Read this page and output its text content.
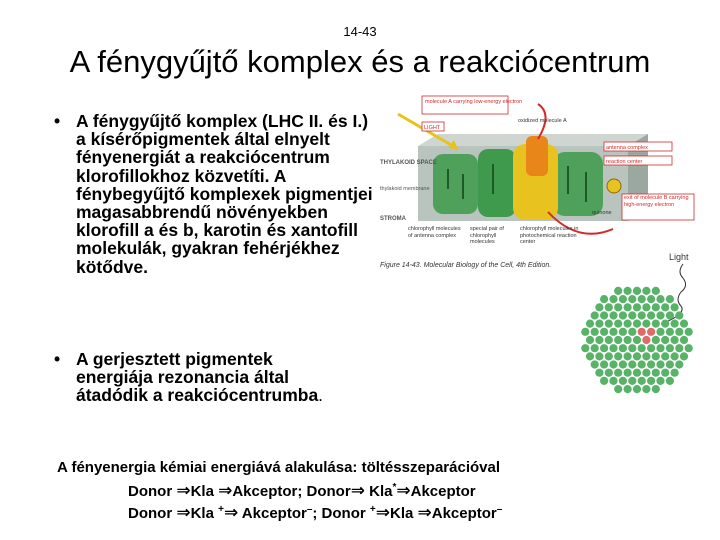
14-43
A fénygyűjtő komplex és a reakciócentrum
• A fénygyűjtő komplex (LHC II. és I.) a kísérőpigmentek által elnyelt fényenergiát a reakciócentrum klorofillokhoz közvetíti. A fénybegyűjtő komplexek pigmentjei magasabbrendű növényekben klorofill a és b, karotin és xantofill molekulák, gyakran fehérjékhez kötődve.
• A gerjesztett pigmentek energiája rezonancia által átadódik a reakciócentrumba.
A fényenergia kémiai energiává alakulása: töltésszeparációval
Donor ⇒Kla ⇒Akceptor; Donor⇒ Kla*⇒Akceptor
Donor ⇒Kla +⇒ Akceptor–; Donor +⇒Kla ⇒Akceptor–
molecule A carrying low-energy electron
LIGHT
oxidized molecule A
THYLAKOID SPACE
thylakoid membrane
STROMA
antenna complex
reaction center
exit of molecule B carrying high-energy electron
quinone
chlorophyll molecules of antenna complex
special pair of chlorophyll molecules
chlorophyll molecules in photochemical reaction center
Figure 14-43. Molecular Biology of the Cell, 4th Edition.
Light
